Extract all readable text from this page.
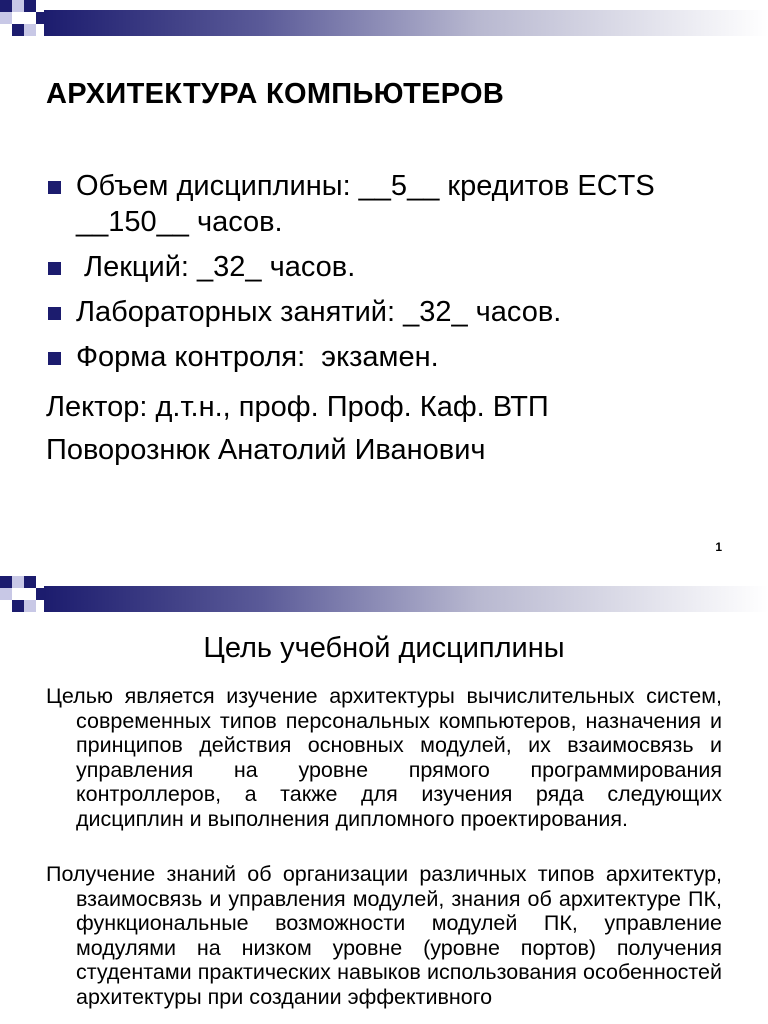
АРХИТЕКТУРА КОМПЬЮТЕРОВ
Объем дисциплины: __5__ кредитов ECTS __150__ часов.
Лекций: _32_ часов.
Лабораторных занятий: _32_ часов.
Форма контроля:  экзамен.
Лектор: д.т.н., проф. Проф. Каф. ВТП
Поворознюк Анатолий Иванович
1
Цель учебной дисциплины
Целью является изучение архитектуры вычислительных систем, современных типов персональных компьютеров, назначения и принципов действия основных модулей, их взаимосвязь и управления на уровне прямого программирования контроллеров, а также для изучения ряда следующих дисциплин и выполнения дипломного проектирования.
Получение знаний об организации различных типов архитектур, взаимосвязь и управления модулей, знания об архитектуре ПК, функциональные возможности модулей ПК, управление модулями на низком уровне (уровне портов) получения студентами практических навыков использования особенностей архитектуры при создании эффективного
